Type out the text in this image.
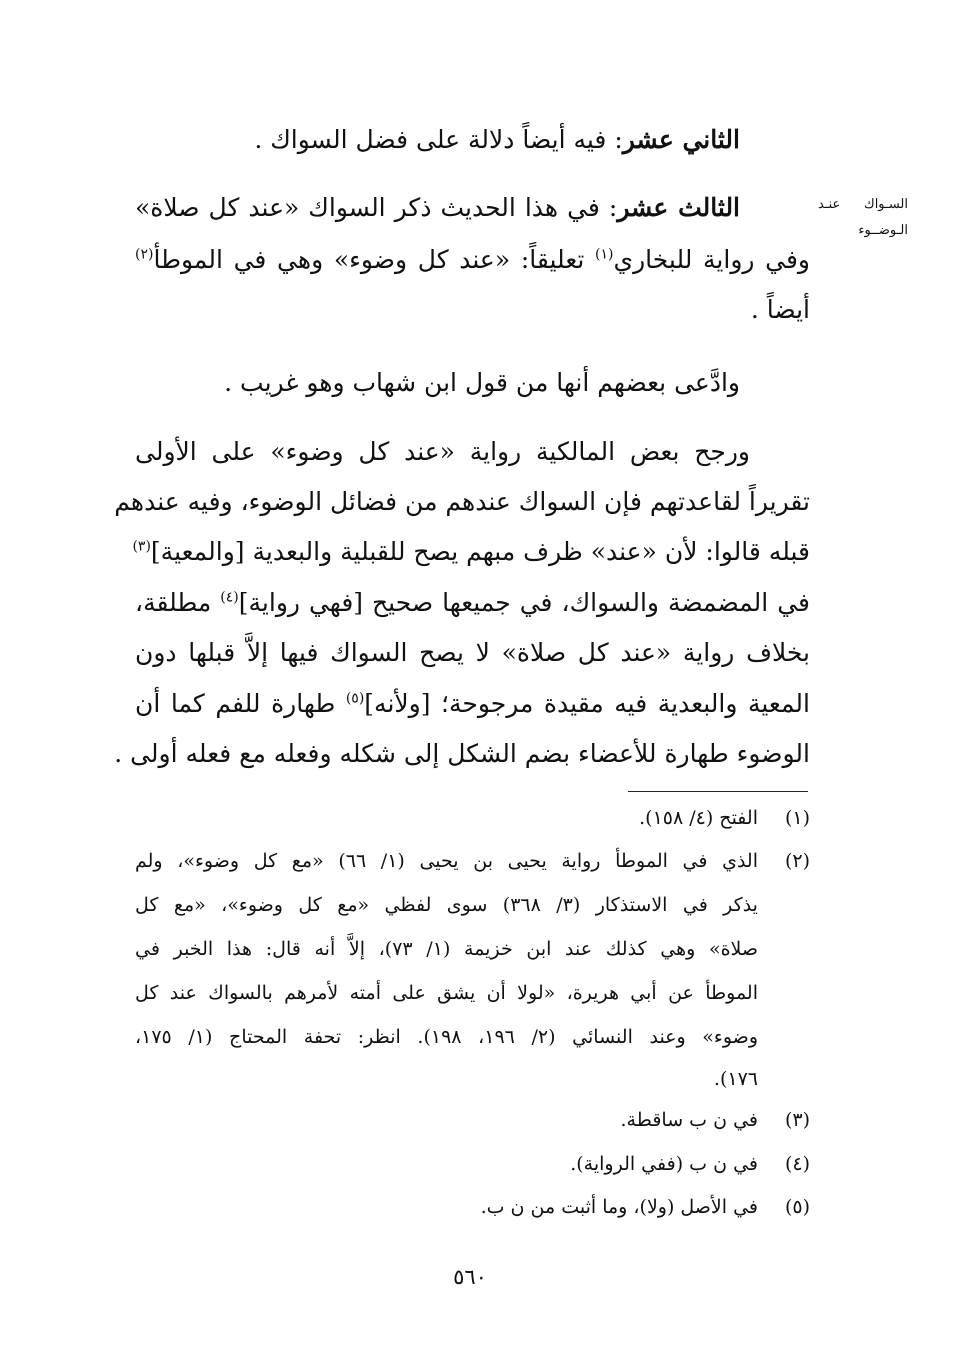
السـواك عنـد
الـوضــوء
الثاني عشر: فيه أيضاً دلالة على فضل السواك .
الثالث عشر: في هذا الحديث ذكر السواك «عند كل صلاة»
وفي رواية للبخاري$^{(١)}$ تعليقاً: «عند كل وضوء» وهي في الموطأ$^{(٢)}$
أيضاً .
وادَّعى بعضهم أنها من قول ابن شهاب وهو غريب .
ورجح بعض المالكية رواية «عند كل وضوء» على الأولى
تقريراً لقاعدتهم فإن السواك عندهم من فضائل الوضوء، وفيه عندهم
قبله قالوا: لأن «عند» ظرف مبهم يصح للقبلية والبعدية [والمعية]$^{(٣)}$
في المضمضة والسواك، في جميعها صحيح [فهي رواية]$^{(٤)}$ مطلقة،
بخلاف رواية «عند كل صلاة» لا يصح السواك فيها إلاَّ قبلها دون
المعية والبعدية فيه مقيدة مرجوحة؛ [ولأنه]$^{(٥)}$ طهارة للفم كما أن
الوضوء طهارة للأعضاء بضم الشكل إلى شكله وفعله مع فعله أولى .
(١)
الفتح (٤/ ١٥٨).
(٢)
الذي في الموطأ رواية يحيى بن يحيى (١/ ٦٦) «مع كل وضوء»، ولم
يذكر في الاستذكار (٣/ ٣٦٨) سوى لفظي «مع كل وضوء»، «مع كل
صلاة» وهي كذلك عند ابن خزيمة (١/ ٧٣)، إلاَّ أنه قال: هذا الخبر في
الموطأ عن أبي هريرة، «لولا أن يشق على أمته لأمرهم بالسواك عند كل
وضوء» وعند النسائي (٢/ ١٩٦، ١٩٨). انظر: تحفة المحتاج (١/ ١٧٥،
١٧٦).
(٣)
في ن ب ساقطة.
(٤)
في ن ب (ففي الرواية).
(٥)
في الأصل (ولا)، وما أثبت من ن ب.
٥٦٠
